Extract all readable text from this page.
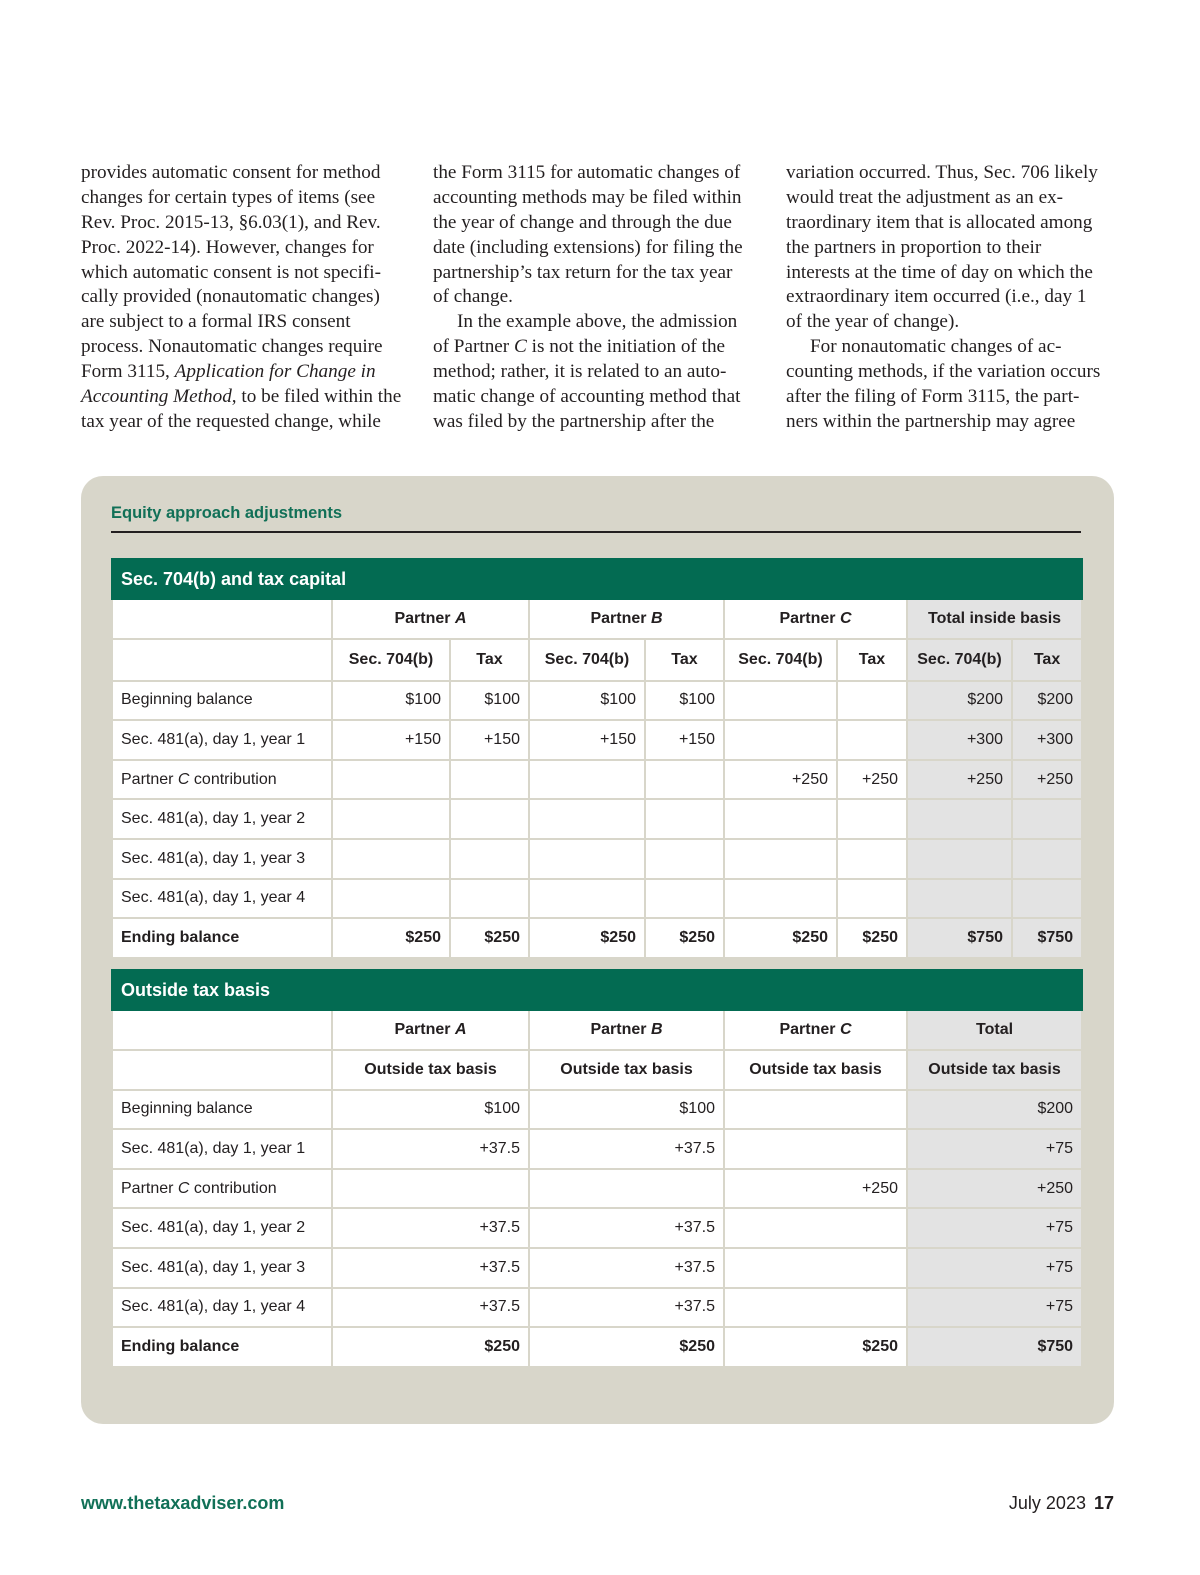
provides automatic consent for method
changes for certain types of items (see
Rev. Proc. 2015-13, §6.03(1), and Rev.
Proc. 2022-14). However, changes for
which automatic consent is not specifi-
cally provided (nonautomatic changes)
are subject to a formal IRS consent
process. Nonautomatic changes require
Form 3115, Application for Change in
Accounting Method, to be filed within the
tax year of the requested change, while
the Form 3115 for automatic changes of
accounting methods may be filed within
the year of change and through the due
date (including extensions) for filing the
partnership’s tax return for the tax year
of change.
In the example above, the admission
of Partner C is not the initiation of the
method; rather, it is related to an auto-
matic change of accounting method that
was filed by the partnership after the
variation occurred. Thus, Sec. 706 likely
would treat the adjustment as an ex-
traordinary item that is allocated among
the partners in proportion to their
interests at the time of day on which the
extraordinary item occurred (i.e., day 1
of the year of change).
For nonautomatic changes of ac-
counting methods, if the variation occurs
after the filing of Form 3115, the part-
ners within the partnership may agree
Equity approach adjustments
Sec. 704(b) and tax capital								
	Partner A		Partner B		Partner C		Total inside basis	
	Sec. 704(b)	Tax	Sec. 704(b)	Tax	Sec. 704(b)	Tax	Sec. 704(b)	Tax
Beginning balance	$100	$100	$100	$100			$200	$200
Sec. 481(a), day 1, year 1	+150	+150	+150	+150			+300	+300
Partner C contribution					+250	+250	+250	+250
Sec. 481(a), day 1, year 2								
Sec. 481(a), day 1, year 3								
Sec. 481(a), day 1, year 4								
Ending balance	$250	$250	$250	$250	$250	$250	$750	$750
Outside tax basis				
	Partner A	Partner B	Partner C	Total
	Outside tax basis	Outside tax basis	Outside tax basis	Outside tax basis
Beginning balance	$100	$100		$200
Sec. 481(a), day 1, year 1	+37.5	+37.5		+75
Partner C contribution			+250	+250
Sec. 481(a), day 1, year 2	+37.5	+37.5		+75
Sec. 481(a), day 1, year 3	+37.5	+37.5		+75
Sec. 481(a), day 1, year 4	+37.5	+37.5		+75
Ending balance	$250	$250	$250	$750
www.thetaxadviser.com	July 2023 17
